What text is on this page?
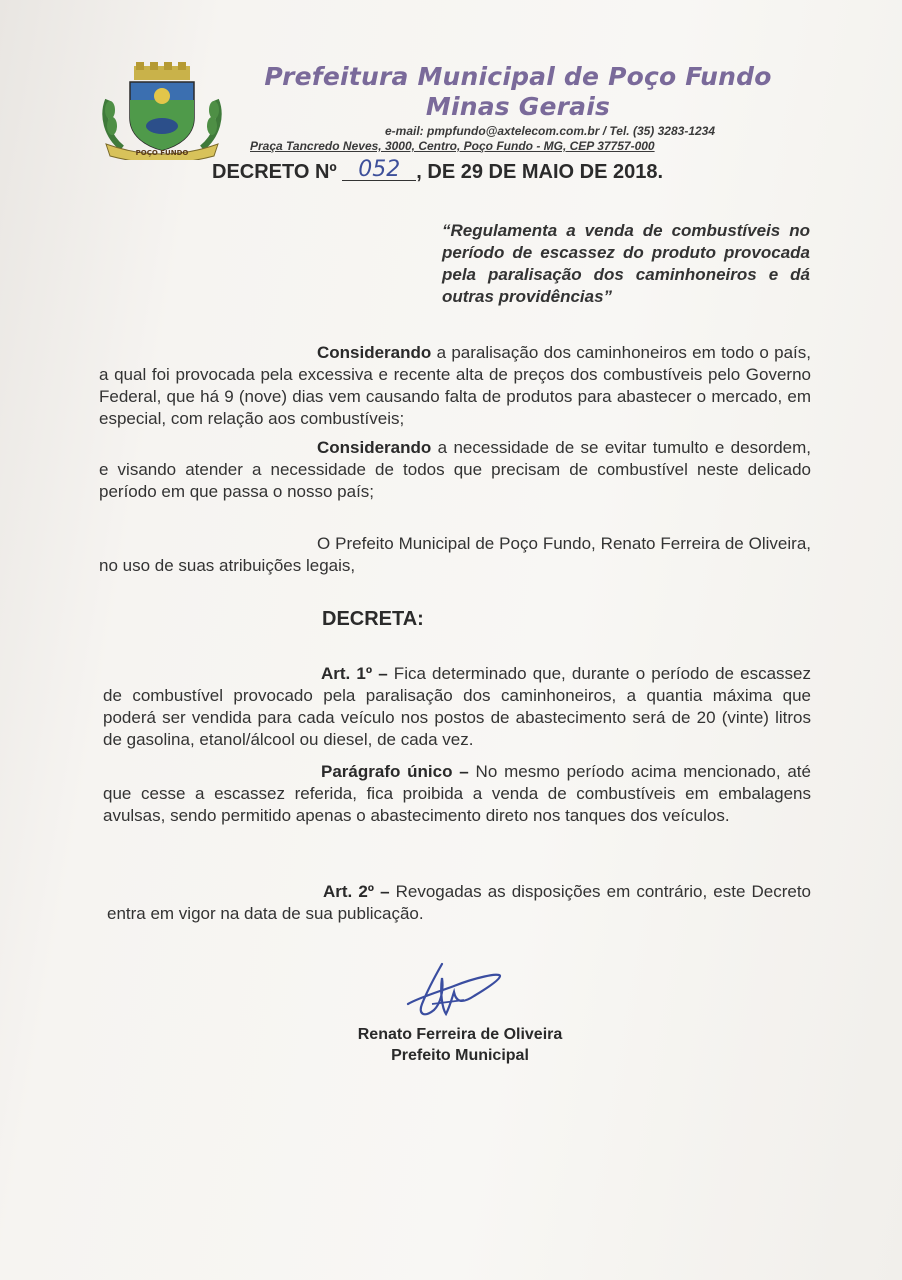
POÇO FUNDO
Prefeitura Municipal de Poço Fundo
Minas Gerais
e-mail: pmpfundo@axtelecom.com.br / Tel. (35) 3283-1234
Praça Tancredo Neves, 3000, Centro, Poço Fundo - MG, CEP 37757-000
DECRETO Nº 052 , DE 29 DE MAIO DE 2018.
“Regulamenta a venda de combustíveis no período de escassez do produto provocada pela paralisação dos caminhoneiros e dá outras providências”
Considerando a paralisação dos caminhoneiros em todo o país, a qual foi provocada pela excessiva e recente alta de preços dos combustíveis pelo Governo Federal, que há 9 (nove) dias vem causando falta de produtos para abastecer o mercado, em especial, com relação aos combustíveis;
Considerando a necessidade de se evitar tumulto e desordem, e visando atender a necessidade de todos que precisam de combustível neste delicado período em que passa o nosso país;
O Prefeito Municipal de Poço Fundo, Renato Ferreira de Oliveira, no uso de suas atribuições legais,
DECRETA:
Art. 1º – Fica determinado que, durante o período de escassez de combustível provocado pela paralisação dos caminhoneiros, a quantia máxima que poderá ser vendida para cada veículo nos postos de abastecimento será de 20 (vinte) litros de gasolina, etanol/álcool ou diesel, de cada vez.
Parágrafo único – No mesmo período acima mencionado, até que cesse a escassez referida, fica proibida a venda de combustíveis em embalagens avulsas, sendo permitido apenas o abastecimento direto nos tanques dos veículos.
Art. 2º – Revogadas as disposições em contrário, este Decreto entra em vigor na data de sua publicação.
Renato Ferreira de Oliveira
Prefeito Municipal
